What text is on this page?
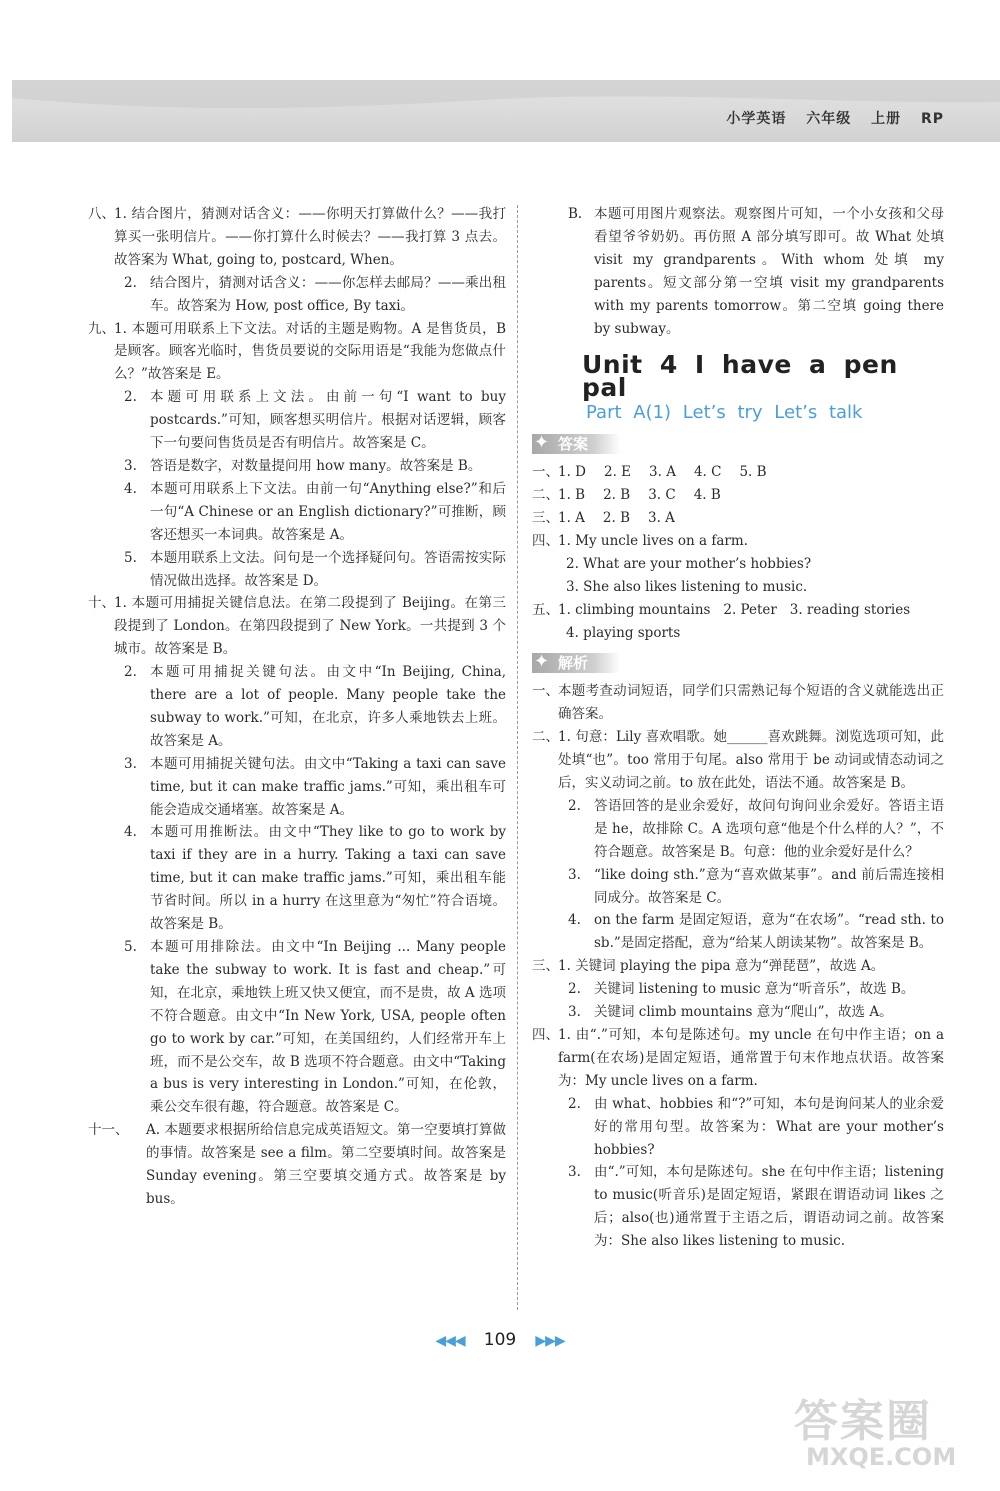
小学英语 六年级 上册 RP
八、 1. 结合图片，猜测对话含义：——你明天打算做什么？——我打算买一张明信片。——你打算什么时候去？——我打算 3 点去。故答案为 What, going to, postcard, When。
2. 结合图片，猜测对话含义：——你怎样去邮局？——乘出租车。故答案为 How, post office, By taxi。
九、 1. 本题可用联系上下文法。对话的主题是购物。A 是售货员，B 是顾客。顾客光临时，售货员要说的交际用语是“我能为您做点什么？”故答案是 E。
2. 本题可用联系上文法。由前一句“I want to buy postcards.”可知，顾客想买明信片。根据对话逻辑，顾客下一句要问售货员是否有明信片。故答案是 C。
3. 答语是数字，对数量提问用 how many。故答案是 B。
4. 本题可用联系上下文法。由前一句“Anything else?”和后一句“A Chinese or an English dictionary?”可推断，顾客还想买一本词典。故答案是 A。
5. 本题用联系上文法。问句是一个选择疑问句。答语需按实际情况做出选择。故答案是 D。
十、 1. 本题可用捕捉关键信息法。在第二段提到了 Beijing。在第三段提到了 London。在第四段提到了 New York。一共提到 3 个城市。故答案是 B。
2. 本题可用捕捉关键句法。由文中“In Beijing, China, there are a lot of people. Many people take the subway to work.”可知，在北京，许多人乘地铁去上班。故答案是 A。
3. 本题可用捕捉关键句法。由文中“Taking a taxi can save time, but it can make traffic jams.”可知，乘出租车可能会造成交通堵塞。故答案是 A。
4. 本题可用推断法。由文中“They like to go to work by taxi if they are in a hurry. Taking a taxi can save time, but it can make traffic jams.”可知，乘出租车能节省时间。所以 in a hurry 在这里意为“匆忙”符合语境。故答案是 B。
5. 本题可用排除法。由文中“In Beijing ... Many people take the subway to work. It is fast and cheap.”可知，在北京，乘地铁上班又快又便宜，而不是贵，故 A 选项不符合题意。由文中“In New York, USA, people often go to work by car.”可知，在美国纽约，人们经常开车上班，而不是公交车，故 B 选项不符合题意。由文中“Taking a bus is very interesting in London.”可知，在伦敦，乘公交车很有趣，符合题意。故答案是 C。
十一、 A. 本题要求根据所给信息完成英语短文。第一空要填打算做的事情。故答案是 see a film。第二空要填时间。故答案是 Sunday evening。第三空要填交通方式。故答案是 by bus。
B. 本题可用图片观察法。观察图片可知，一个小女孩和父母看望爷爷奶奶。再仿照 A 部分填写即可。故 What 处填 visit my grandparents。With whom 处填 my parents。短文部分第一空填 visit my grandparents with my parents tomorrow。第二空填 going there by subway。
Unit 4 I have a pen pal
Part A(1) Let’s try Let’s talk
✦ 答案
一、 1. D 2. E 3. A 4. C 5. B
二、 1. B 2. B 3. C 4. B
三、 1. A 2. B 3. A
四、 1. My uncle lives on a farm.
2. What are your mother’s hobbies?
3. She also likes listening to music.
五、 1. climbing mountains   2. Peter   3. reading stories
4. playing sports
✦ 解析
一、 本题考查动词短语，同学们只需熟记每个短语的含义就能选出正确答案。
二、 1. 句意：Lily 喜欢唱歌。她______喜欢跳舞。浏览选项可知，此处填“也”。too 常用于句尾。also 常用于 be 动词或情态动词之后，实义动词之前。to 放在此处，语法不通。故答案是 B。
2. 答语回答的是业余爱好，故问句询问业余爱好。答语主语是 he，故排除 C。A 选项句意“他是个什么样的人？”，不符合题意。故答案是 B。句意：他的业余爱好是什么？
3. “like doing sth.”意为“喜欢做某事”。and 前后需连接相同成分。故答案是 C。
4. on the farm 是固定短语，意为“在农场”。“read sth. to sb.”是固定搭配，意为“给某人朗读某物”。故答案是 B。
三、 1. 关键词 playing the pipa 意为“弹琵琶”，故选 A。
2. 关键词 listening to music 意为“听音乐”，故选 B。
3. 关键词 climb mountains 意为“爬山”，故选 A。
四、 1. 由“.”可知，本句是陈述句。my uncle 在句中作主语；on a farm(在农场)是固定短语，通常置于句末作地点状语。故答案为：My uncle lives on a farm.
2. 由 what、hobbies 和“?”可知，本句是询问某人的业余爱好的常用句型。故答案为：What are your mother’s hobbies?
3. 由“.”可知，本句是陈述句。she 在句中作主语；listening to music(听音乐)是固定短语，紧跟在谓语动词 likes 之后；also(也)通常置于主语之后，谓语动词之前。故答案为：She also likes listening to music.
◀◀◀ 109 ▶▶▶
答案圈
MXQE.COM
